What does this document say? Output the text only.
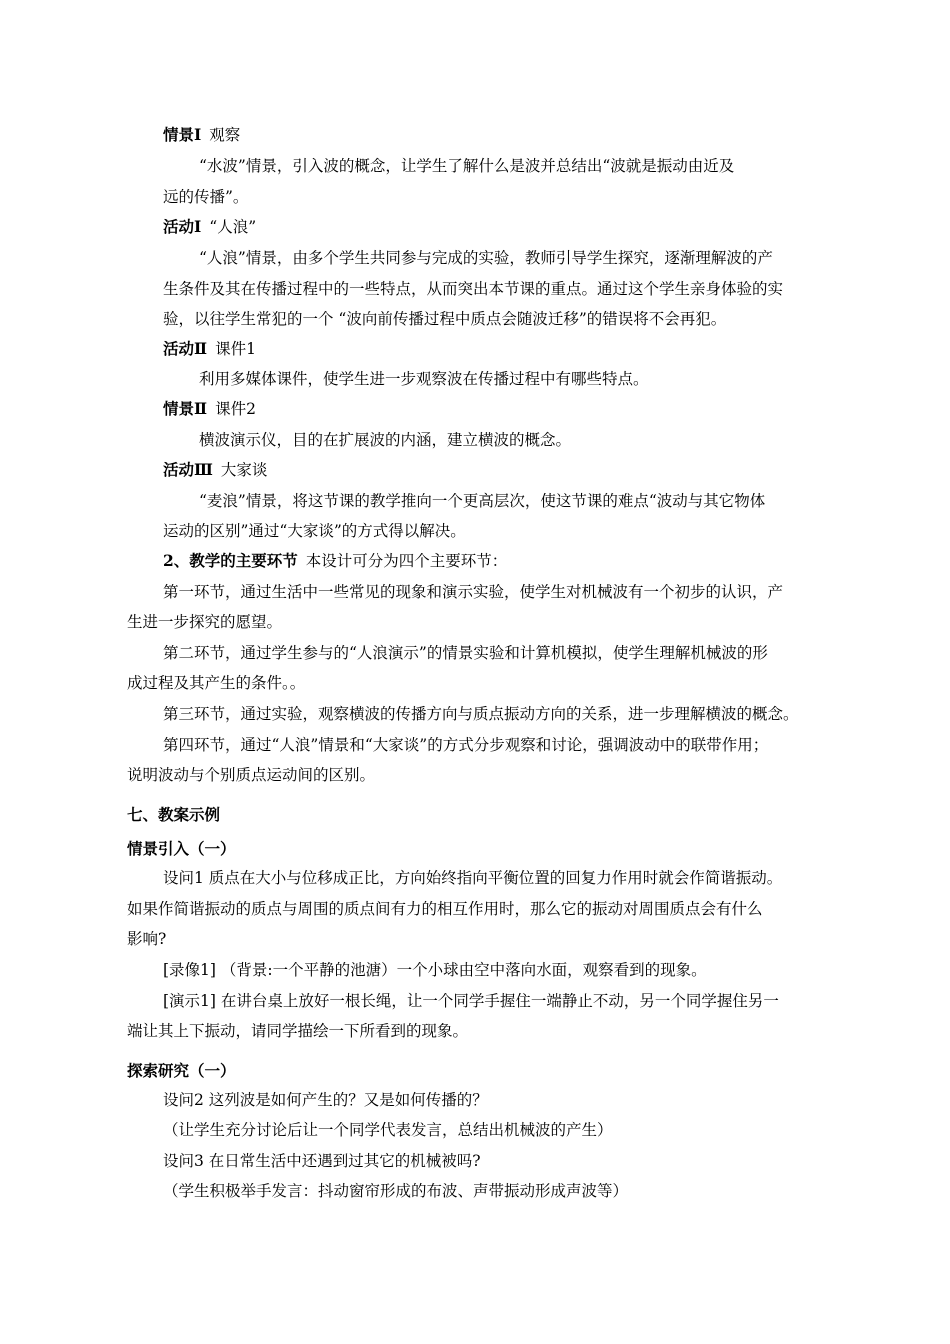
情景Ⅰ 观察
“水波”情景，引入波的概念，让学生了解什么是波并总结出“波就是振动由近及
远的传播”。
活动Ⅰ “人浪”
“人浪”情景，由多个学生共同参与完成的实验，教师引导学生探究，逐渐理解波的产
生条件及其在传播过程中的一些特点，从而突出本节课的重点。通过这个学生亲身体验的实
验，以往学生常犯的一个 “波向前传播过程中质点会随波迁移”的错误将不会再犯。
活动Ⅱ 课件1
利用多媒体课件，使学生进一步观察波在传播过程中有哪些特点。
情景Ⅱ 课件2
横波演示仪，目的在扩展波的内涵，建立横波的概念。
活动Ⅲ 大家谈
“麦浪”情景，将这节课的教学推向一个更高层次，使这节课的难点“波动与其它物体
运动的区别”通过“大家谈”的方式得以解决。
2、教学的主要环节 本设计可分为四个主要环节：
第一环节，通过生活中一些常见的现象和演示实验，使学生对机械波有一个初步的认识，产
生进一步探究的愿望。
第二环节，通过学生参与的“人浪演示”的情景实验和计算机模拟，使学生理解机械波的形
成过程及其产生的条件。。
第三环节，通过实验，观察横波的传播方向与质点振动方向的关系，进一步理解横波的概念。
第四环节，通过“人浪”情景和“大家谈”的方式分步观察和讨论，强调波动中的联带作用；
说明波动与个别质点运动间的区别。
七、教案示例
情景引入（一）
设问1 质点在大小与位移成正比，方向始终指向平衡位置的回复力作用时就会作简谐振动。
如果作简谐振动的质点与周围的质点间有力的相互作用时，那么它的振动对周围质点会有什么
影响?
[录像1] （背景:一个平静的池溏）一个小球由空中落向水面，观察看到的现象。
[演示1] 在讲台桌上放好一根长绳，让一个同学手握住一端静止不动，另一个同学握住另一
端让其上下振动，请同学描绘一下所看到的现象。
探索研究（一）
设问2 这列波是如何产生的？又是如何传播的？
（让学生充分讨论后让一个同学代表发言，总结出机械波的产生）
设问3 在日常生活中还遇到过其它的机械被吗?
（学生积极举手发言：抖动窗帘形成的布波、声带振动形成声波等）
